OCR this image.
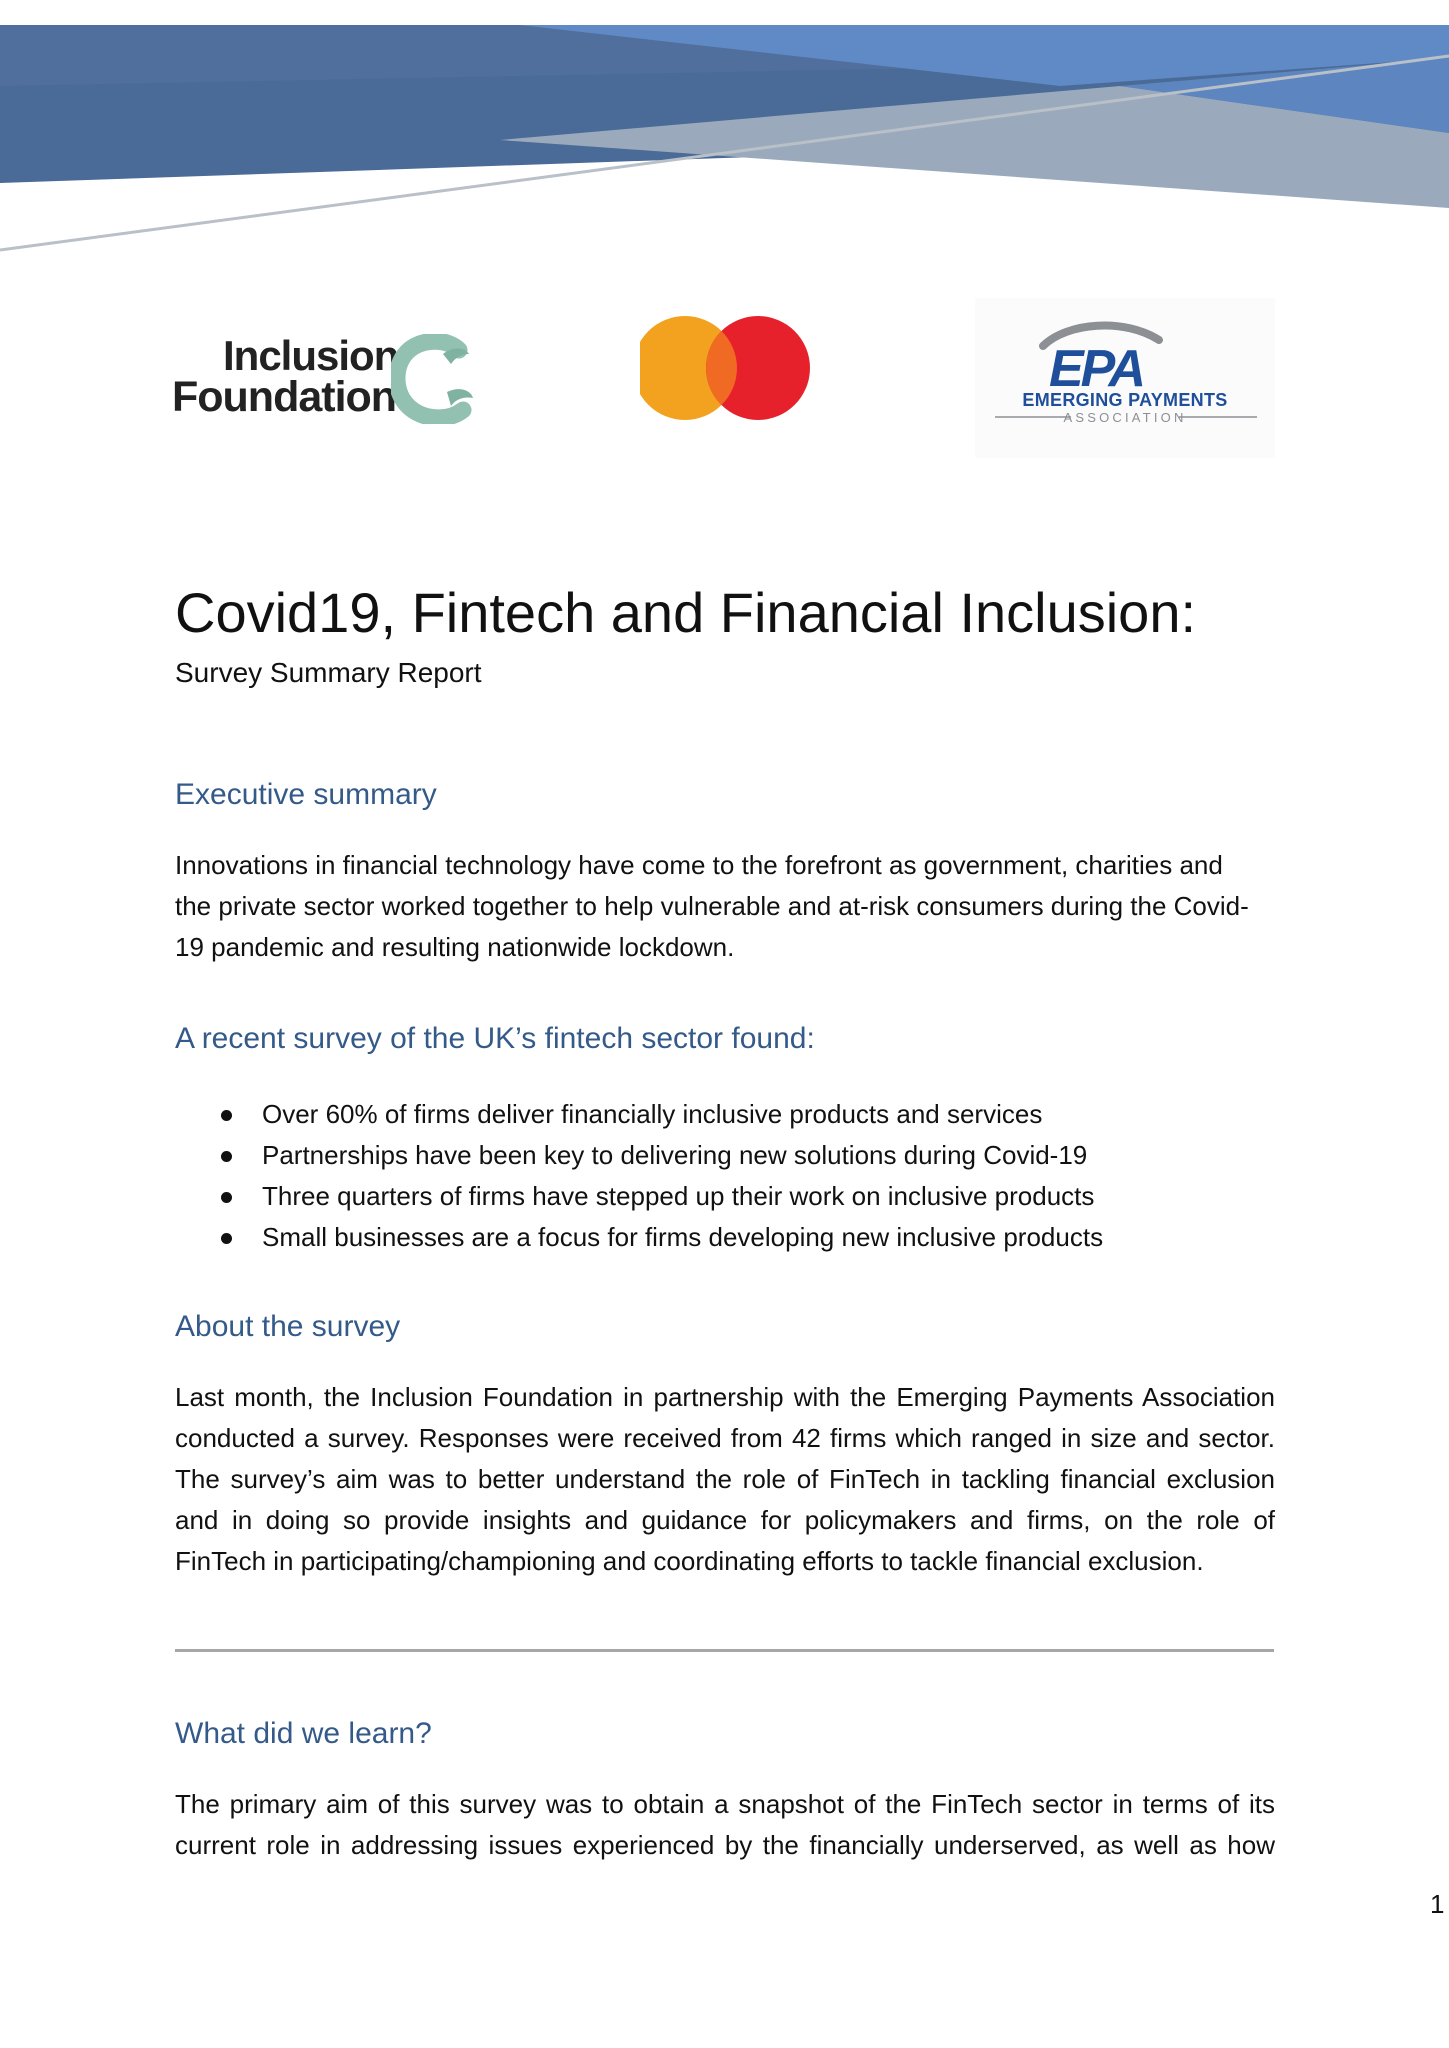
Inclusion
Foundation	EPA
EMERGING PAYMENTS
ASSOCIATION
Covid19, Fintech and Financial Inclusion:

Survey Summary Report

Executive summary
Innovations in financial technology have come to the forefront as government, charities and
the private sector worked together to help vulnerable and at-risk consumers during the Covid-
19 pandemic and resulting nationwide lockdown.
A recent survey of the UK’s fintech sector found:
Over 60% of firms deliver financially inclusive products and services
Partnerships have been key to delivering new solutions during Covid-19
Three quarters of firms have stepped up their work on inclusive products
Small businesses are a focus for firms developing new inclusive products
About the survey
Last month, the Inclusion Foundation in partnership with the Emerging Payments Association
conducted a survey. Responses were received from 42 firms which ranged in size and sector.
The survey’s aim was to better understand the role of FinTech in tackling financial exclusion
and in doing so provide insights and guidance for policymakers and firms, on the role of
FinTech in participating/championing and coordinating efforts to tackle financial exclusion.
What did we learn?
The primary aim of this survey was to obtain a snapshot of the FinTech sector in terms of its
current role in addressing issues experienced by the financially underserved, as well as how
1
